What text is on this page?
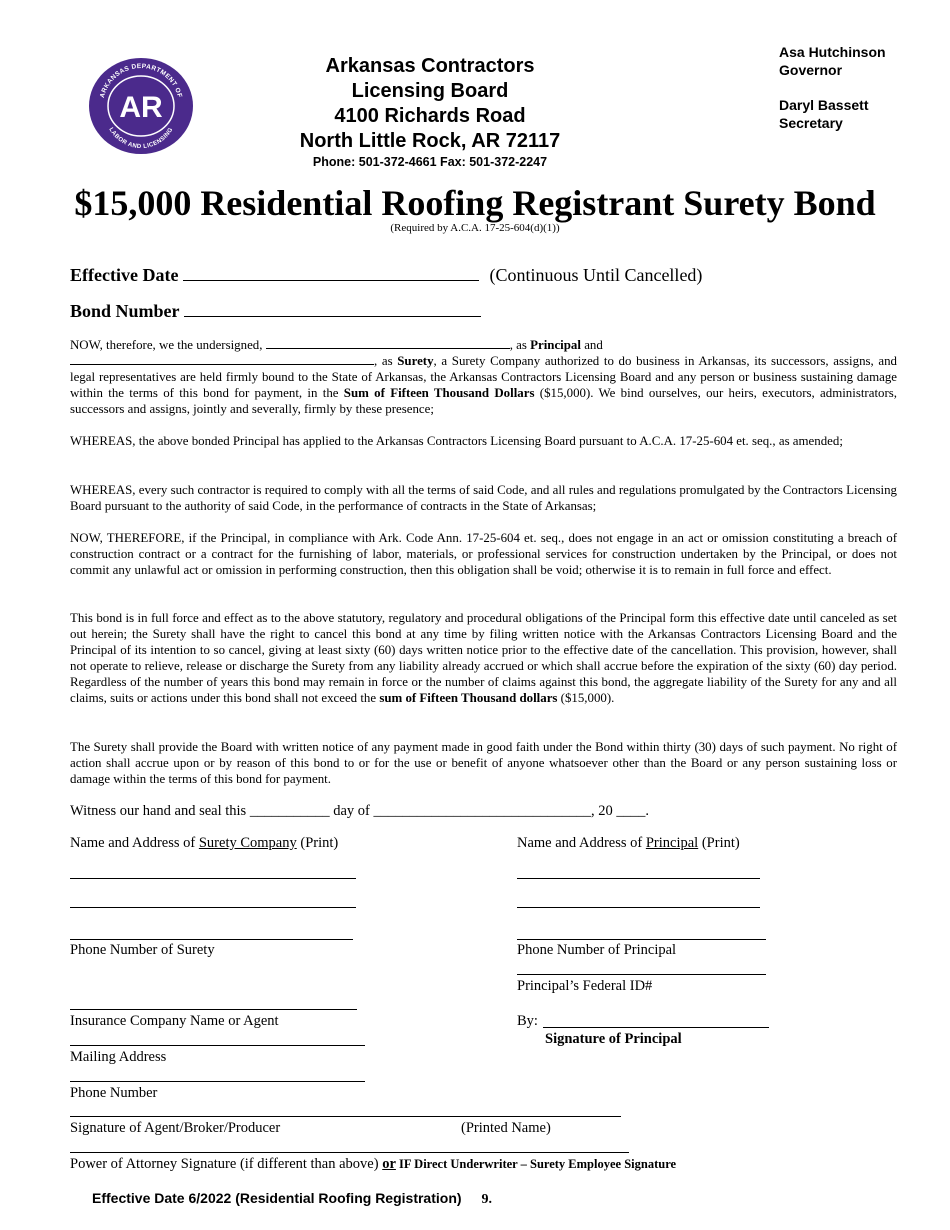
ARKANSAS DEPARTMENT OF
LABOR AND LICENSING
AR
Arkansas Contractors
Licensing Board
4100 Richards Road
North Little Rock, AR 72117
Phone: 501-372-4661 Fax: 501-372-2247
Asa Hutchinson
Governor
Daryl Bassett
Secretary
$15,000 Residential Roofing Registrant Surety Bond
(Required by A.C.A. 17-25-604(d)(1))
Effective Date	(Continuous Until Cancelled)
Bond Number
NOW, therefore, we the undersigned,	, as Principal and
, as Surety, a Surety Company authorized to do business in Arkansas, its successors, assigns, and legal representatives are held firmly bound to the State of Arkansas, the Arkansas Contractors Licensing Board and any person or business sustaining damage within the terms of this bond for payment, in the Sum of Fifteen Thousand Dollars ($15,000). We bind ourselves, our heirs, executors, administrators, successors and assigns, jointly and severally, firmly by these presence;
WHEREAS, the above bonded Principal has applied to the Arkansas Contractors Licensing Board pursuant to A.C.A. 17-25-604 et. seq., as amended;
WHEREAS, every such contractor is required to comply with all the terms of said Code, and all rules and regulations promulgated by the Contractors Licensing Board pursuant to the authority of said Code, in the performance of contracts in the State of Arkansas;
NOW, THEREFORE, if the Principal, in compliance with Ark. Code Ann. 17-25-604 et. seq., does not engage in an act or omission constituting a breach of construction contract or a contract for the furnishing of labor, materials, or professional services for construction undertaken by the Principal, or does not commit any unlawful act or omission in performing construction, then this obligation shall be void; otherwise it is to remain in full force and effect.
This bond is in full force and effect as to the above statutory, regulatory and procedural obligations of the Principal form this effective date until canceled as set out herein; the Surety shall have the right to cancel this bond at any time by filing written notice with the Arkansas Contractors Licensing Board and the Principal of its intention to so cancel, giving at least sixty (60) days written notice prior to the effective date of the cancellation. This provision, however, shall not operate to relieve, release or discharge the Surety from any liability already accrued or which shall accrue before the expiration of the sixty (60) day period. Regardless of the number of years this bond may remain in force or the number of claims against this bond, the aggregate liability of the Surety for any and all claims, suits or actions under this bond shall not exceed the sum of Fifteen Thousand dollars ($15,000).
The Surety shall provide the Board with written notice of any payment made in good faith under the Bond within thirty (30) days of such payment. No right of action shall accrue upon or by reason of this bond to or for the use or benefit of anyone whatsoever other than the Board or any person sustaining loss or damage within the terms of this bond for payment.
Witness our hand and seal this ___________ day of ______________________________, 20 ____.
Name and Address of Surety Company (Print)
Phone Number of Surety
Insurance Company Name or Agent
Mailing Address
Phone Number
Signature of Agent/Broker/Producer	(Printed Name)
Power of Attorney Signature (if different than above) or IF Direct Underwriter – Surety Employee Signature
Name and Address of Principal (Print)
Phone Number of Principal
Principal’s Federal ID#
By:
Signature of Principal
Effective Date 6/2022 (Residential Roofing Registration) 9.
